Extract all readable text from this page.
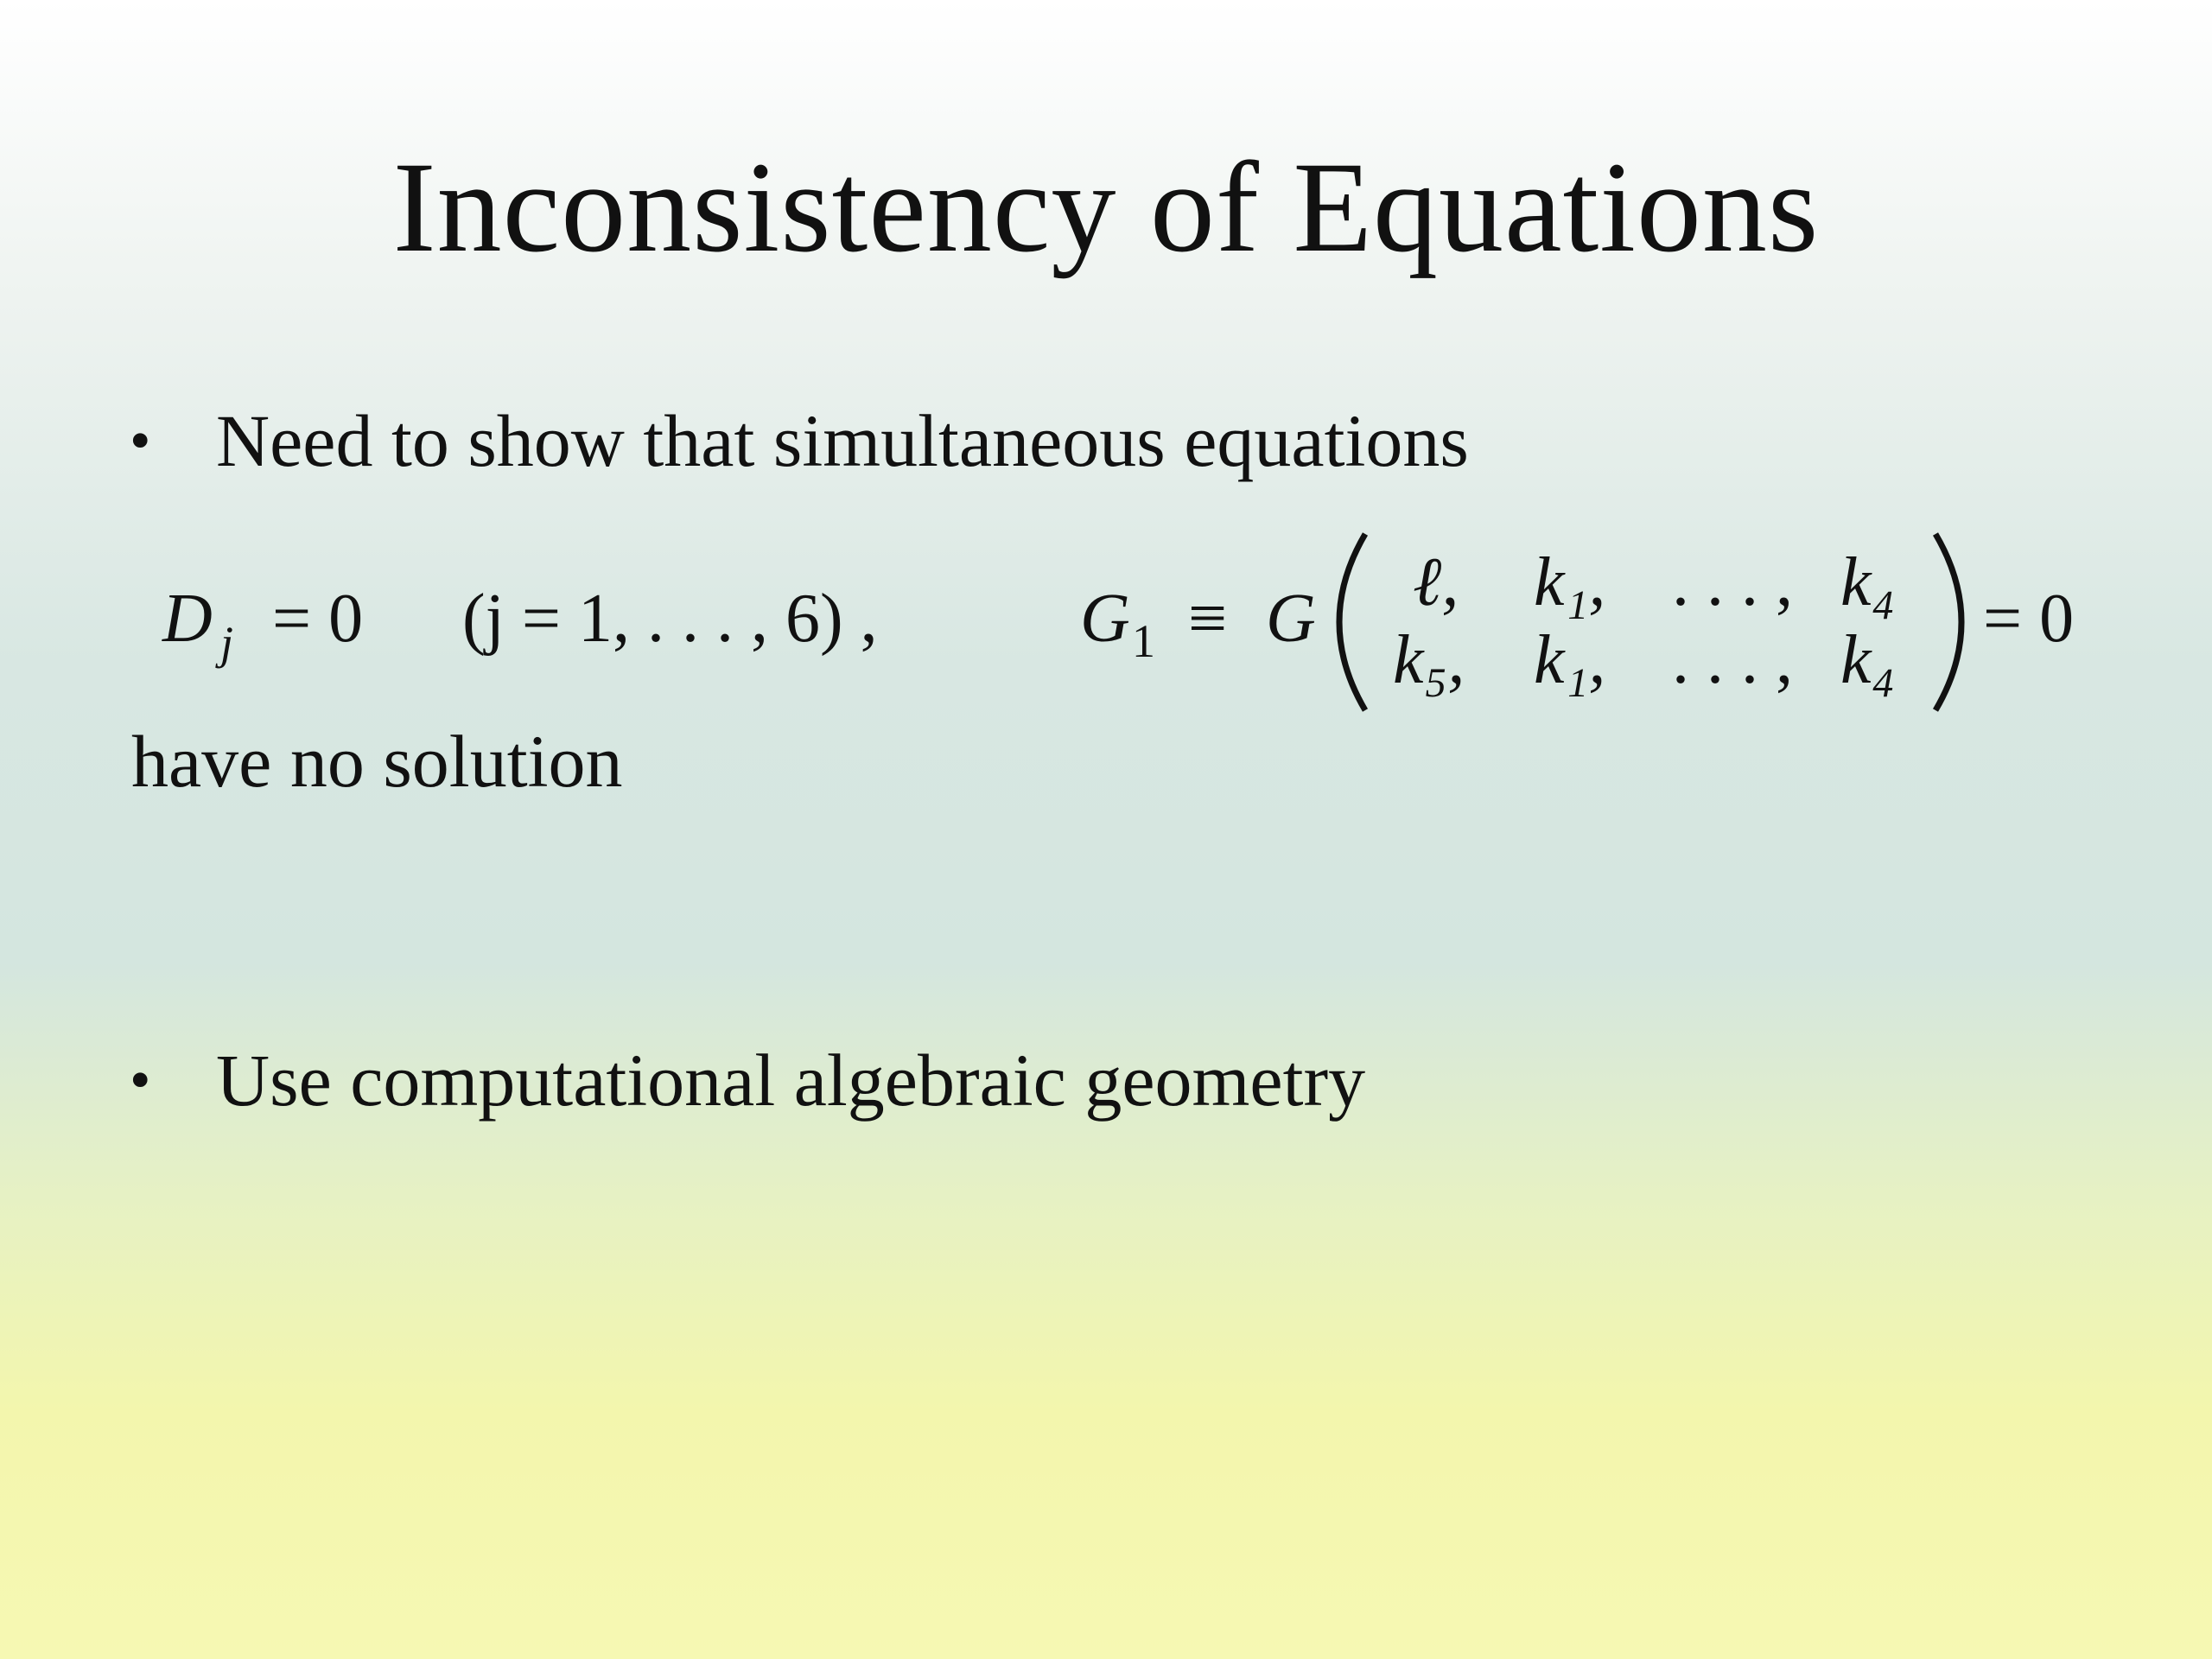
Inconsistency of Equations
• Need to show that simultaneous equations
D j = 0 (j = 1, . . . , 6) ,	G 1 ≡ G ℓ, k₁, . . . , k₄
k₅, k₁, . . . , k₄
= 0
have no solution
• Use computational algebraic geometry
